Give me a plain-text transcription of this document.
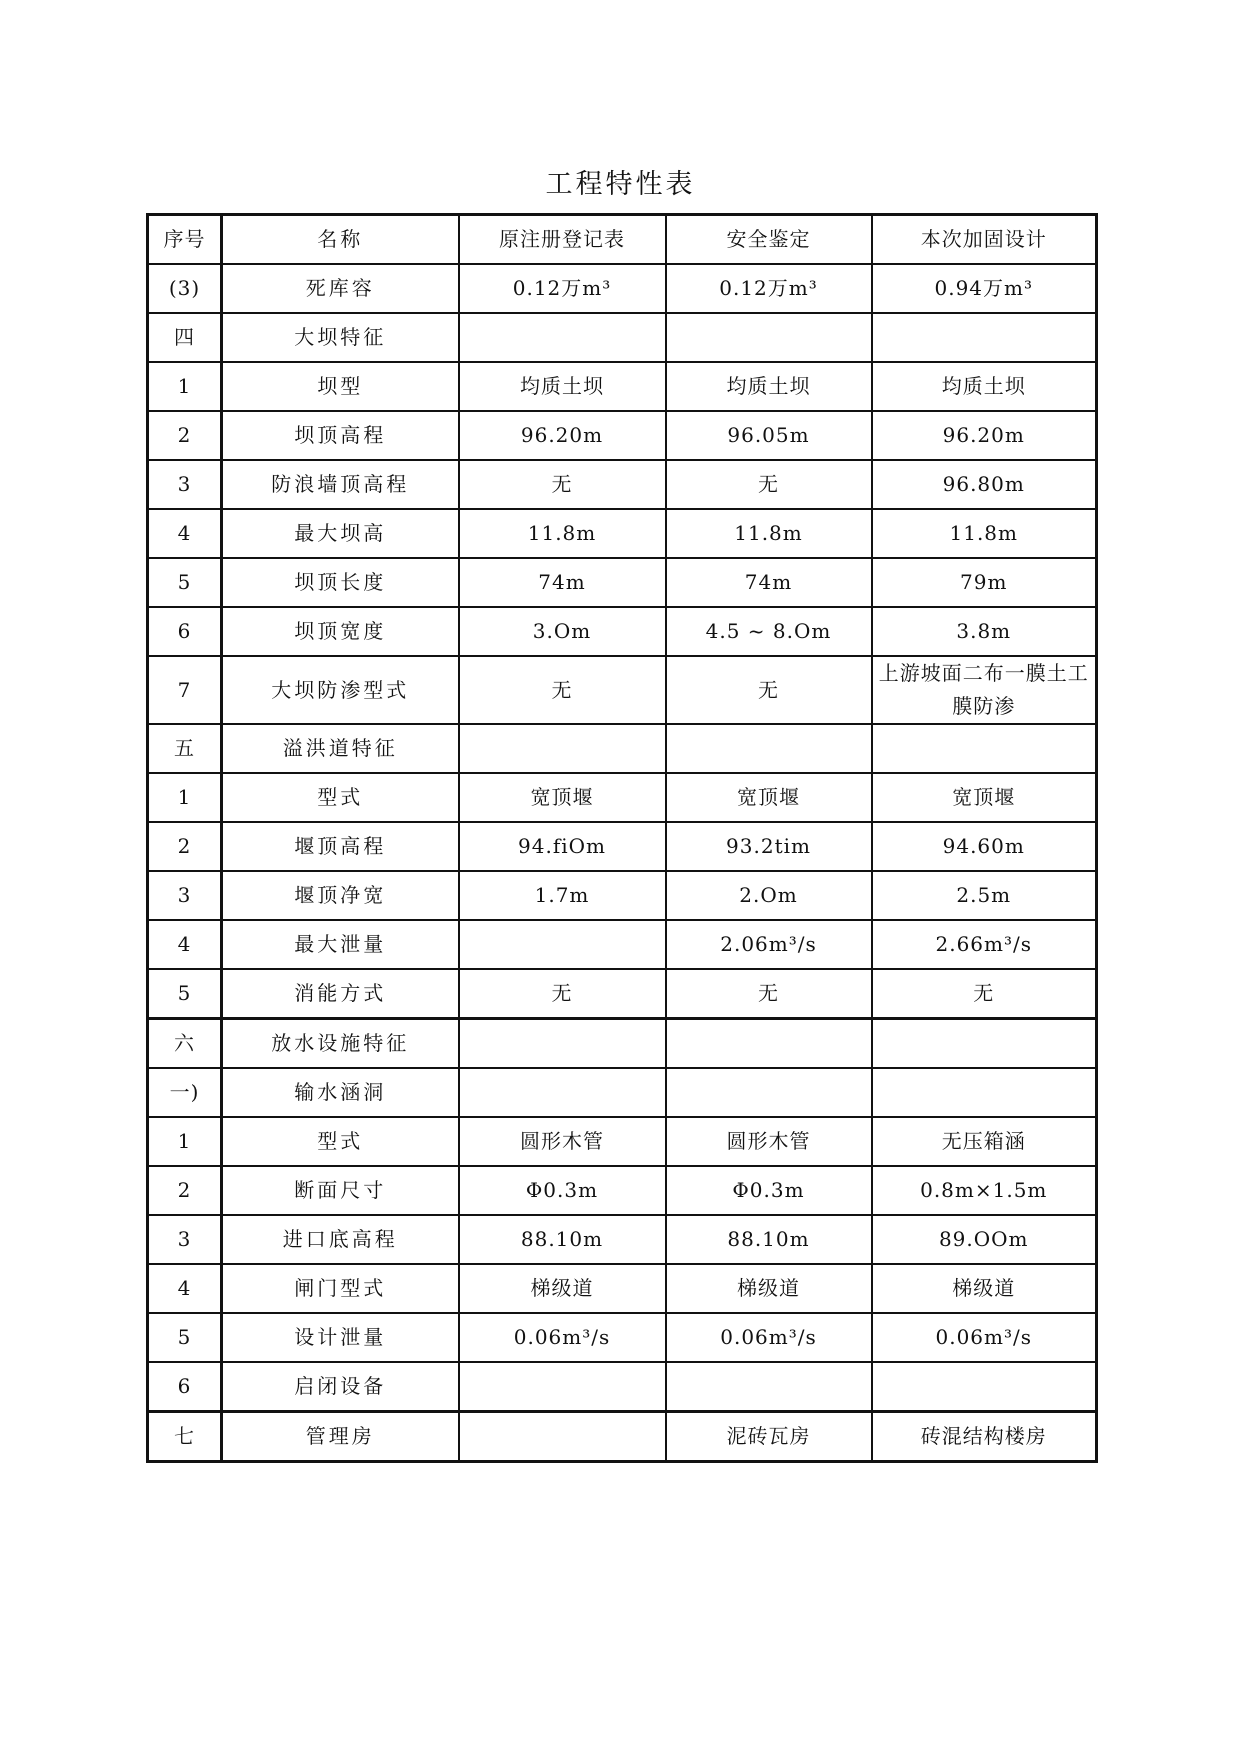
工程特性表
序号	名称	原注册登记表	安全鉴定	本次加固设计
(3)	死库容	0.12万m³	0.12万m³	0.94万m³
四	大坝特征			
1	坝型	均质土坝	均质土坝	均质土坝
2	坝顶高程	96.20m	96.05m	96.20m
3	防浪墙顶高程	无	无	96.80m
4	最大坝高	11.8m	11.8m	11.8m
5	坝顶长度	74m	74m	79m
6	坝顶宽度	3.Om	4.5 ~ 8.Om	3.8m
7	大坝防渗型式	无	无	上游坡面二布一膜土工膜防渗
五	溢洪道特征			
1	型式	宽顶堰	宽顶堰	宽顶堰
2	堰顶高程	94.fiOm	93.2tim	94.60m
3	堰顶净宽	1.7m	2.Om	2.5m
4	最大泄量		2.06m³/s	2.66m³/s
5	消能方式	无	无	无
六	放水设施特征			
一)	输水涵洞			
1	型式	圆形木管	圆形木管	无压箱涵
2	断面尺寸	Φ0.3m	Φ0.3m	0.8m×1.5m
3	进口底高程	88.10m	88.10m	89.OOm
4	闸门型式	梯级道	梯级道	梯级道
5	设计泄量	0.06m³/s	0.06m³/s	0.06m³/s
6	启闭设备			
七	管理房		泥砖瓦房	砖混结构楼房
